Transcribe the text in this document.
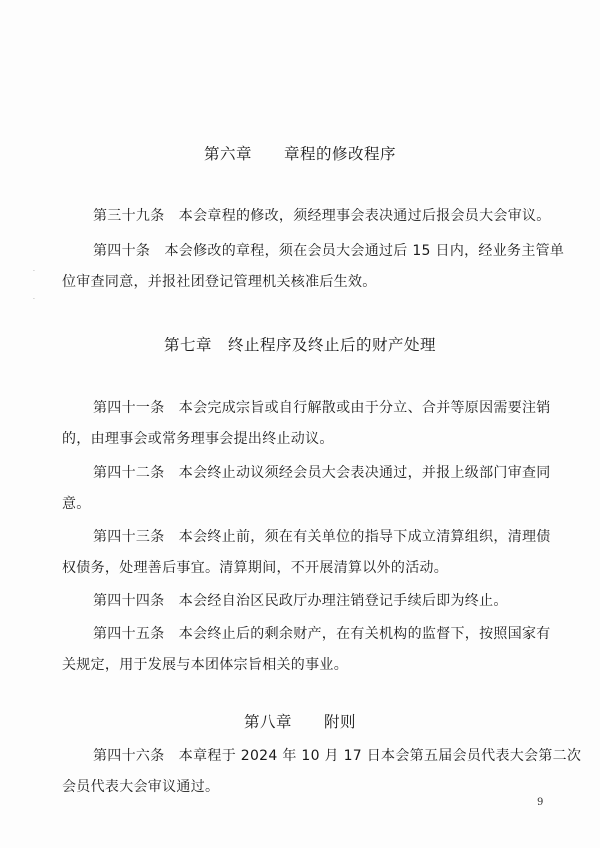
第六章　　章程的修改程序
第三十九条　本会章程的修改，须经理事会表决通过后报会员大会审议。
第四十条　本会修改的章程，须在会员大会通过后 15 日内，经业务主管单
位审查同意，并报社团登记管理机关核准后生效。
·
·
第七章　终止程序及终止后的财产处理
第四十一条　本会完成宗旨或自行解散或由于分立、合并等原因需要注销
的，由理事会或常务理事会提出终止动议。
第四十二条　本会终止动议须经会员大会表决通过，并报上级部门审查同
意。
第四十三条　本会终止前，须在有关单位的指导下成立清算组织，清理债
权债务，处理善后事宜。清算期间，不开展清算以外的活动。
第四十四条　本会经自治区民政厅办理注销登记手续后即为终止。
第四十五条　本会终止后的剩余财产，在有关机构的监督下，按照国家有
关规定，用于发展与本团体宗旨相关的事业。
第八章　　附则
第四十六条　本章程于 2024 年 10 月 17 日本会第五届会员代表大会第二次
会员代表大会审议通过。
9
